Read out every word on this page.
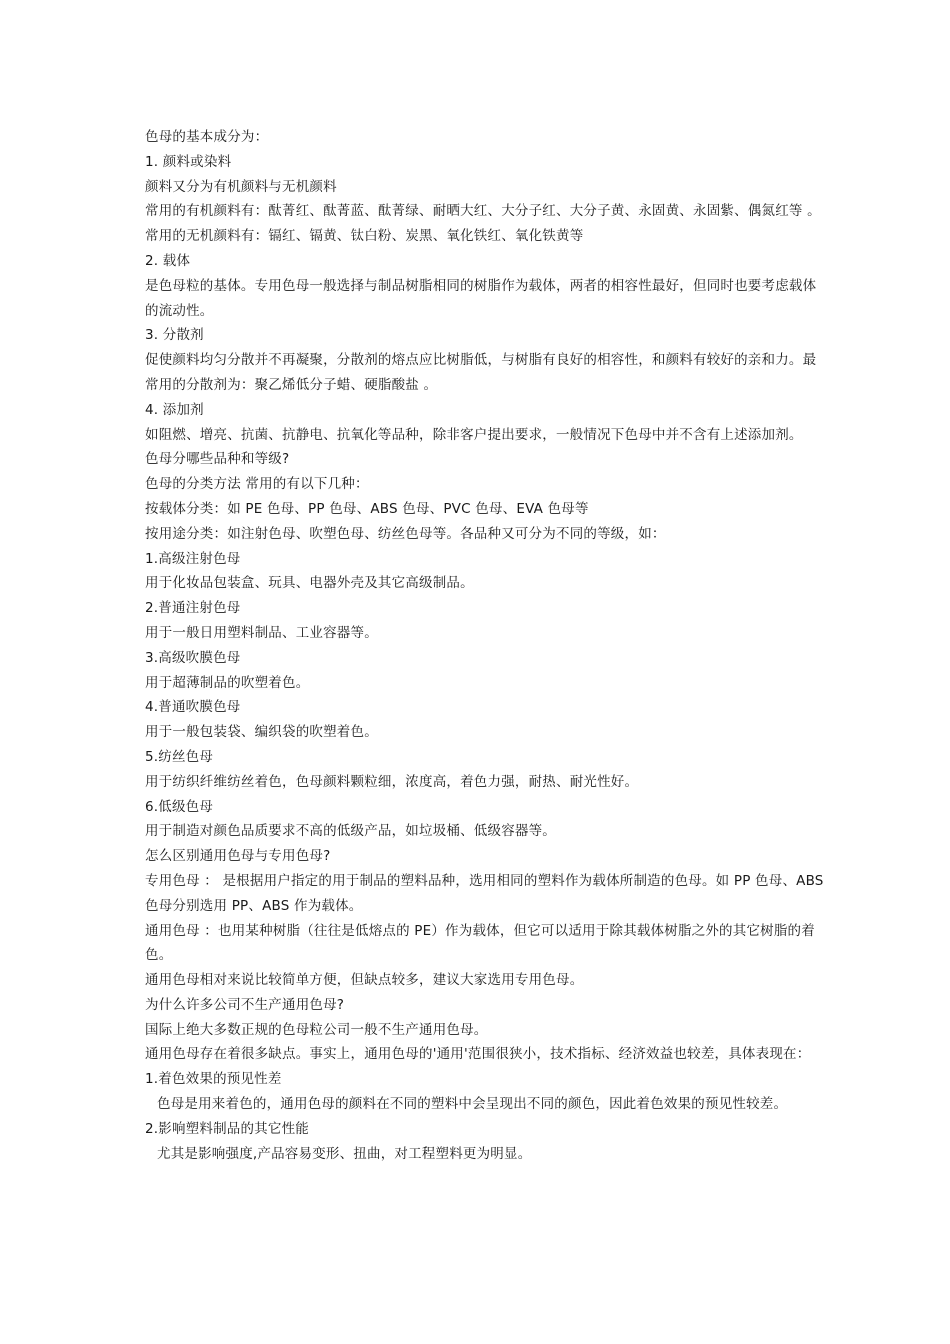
色母的基本成分为：

1. 颜料或染料

颜料又分为有机颜料与无机颜料

常用的有机颜料有：酞菁红、酞菁蓝、酞菁绿、耐晒大红、大分子红、大分子黄、永固黄、永固紫、偶氮红等 。常用的无机颜料有：镉红、镉黄、钛白粉、炭黑、氧化铁红、氧化铁黄等

2. 载体

是色母粒的基体。专用色母一般选择与制品树脂相同的树脂作为载体，两者的相容性最好，但同时也要考虑载体的流动性。

3. 分散剂

促使颜料均匀分散并不再凝聚，分散剂的熔点应比树脂低，与树脂有良好的相容性，和颜料有较好的亲和力。最常用的分散剂为：聚乙烯低分子蜡、硬脂酸盐 。

4. 添加剂

如阻燃、增亮、抗菌、抗静电、抗氧化等品种，除非客户提出要求，一般情况下色母中并不含有上述添加剂。

色母分哪些品种和等级?

色母的分类方法 常用的有以下几种：

按载体分类：如 PE 色母、PP 色母、ABS 色母、PVC 色母、EVA 色母等

按用途分类：如注射色母、吹塑色母、纺丝色母等。各品种又可分为不同的等级，如：

1.高级注射色母

用于化妆品包装盒、玩具、电器外壳及其它高级制品。

2.普通注射色母

用于一般日用塑料制品、工业容器等。

3.高级吹膜色母

用于超薄制品的吹塑着色。

4.普通吹膜色母

用于一般包装袋、编织袋的吹塑着色。

5.纺丝色母

用于纺织纤维纺丝着色，色母颜料颗粒细，浓度高，着色力强，耐热、耐光性好。

6.低级色母

用于制造对颜色品质要求不高的低级产品，如垃圾桶、低级容器等。

怎么区别通用色母与专用色母?

专用色母 ： 是根据用户指定的用于制品的塑料品种，选用相同的塑料作为载体所制造的色母。如 PP 色母、ABS 色母分别选用 PP、ABS 作为载体。

通用色母 ：也用某种树脂（往往是低熔点的 PE）作为载体，但它可以适用于除其载体树脂之外的其它树脂的着色。

通用色母相对来说比较简单方便，但缺点较多，建议大家选用专用色母。

为什么许多公司不生产通用色母?

国际上绝大多数正规的色母粒公司一般不生产通用色母。

通用色母存在着很多缺点。事实上，通用色母的'通用'范围很狭小，技术指标、经济效益也较差，具体表现在：

1.着色效果的预见性差

色母是用来着色的，通用色母的颜料在不同的塑料中会呈现出不同的颜色，因此着色效果的预见性较差。

2.影响塑料制品的其它性能

尤其是影响强度,产品容易变形、扭曲，对工程塑料更为明显。
